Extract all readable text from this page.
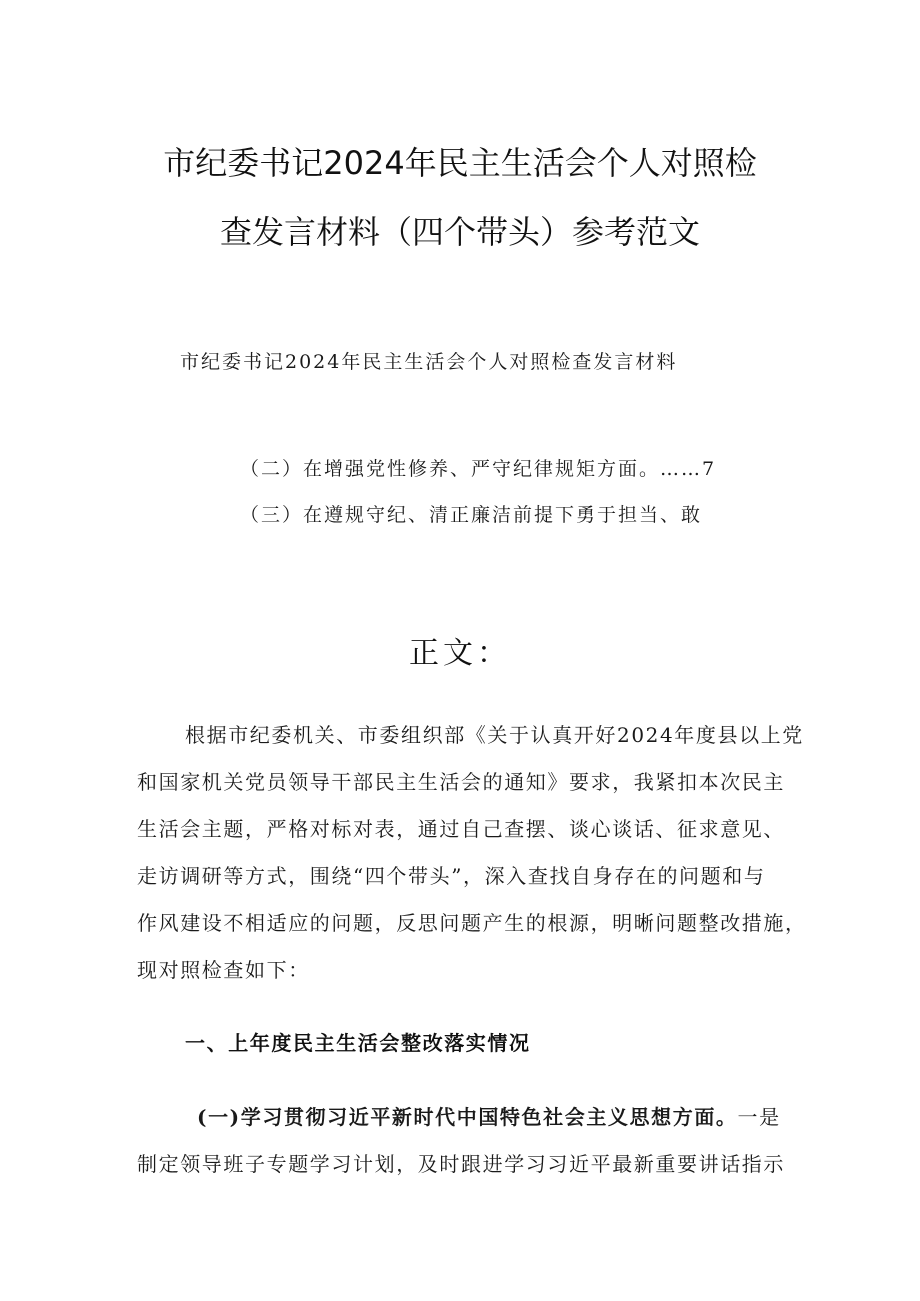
市纪委书记2024年民主生活会个人对照检
查发言材料（四个带头）参考范文
市纪委书记2024年民主生活会个人对照检查发言材料
（二）在增强党性修养、严守纪律规矩方面。……7
（三）在遵规守纪、清正廉洁前提下勇于担当、敢
正文：
根据市纪委机关、市委组织部《关于认真开好2024年度县以上党
和国家机关党员领导干部民主生活会的通知》要求，我紧扣本次民主
生活会主题，严格对标对表，通过自己查摆、谈心谈话、征求意见、
走访调研等方式，围绕“四个带头”，深入查找自身存在的问题和与
作风建设不相适应的问题，反思问题产生的根源，明晰问题整改措施，
现对照检查如下：
一、上年度民主生活会整改落实情况
(一)学习贯彻习近平新时代中国特色社会主义思想方面。一是
制定领导班子专题学习计划，及时跟进学习习近平最新重要讲话指示
